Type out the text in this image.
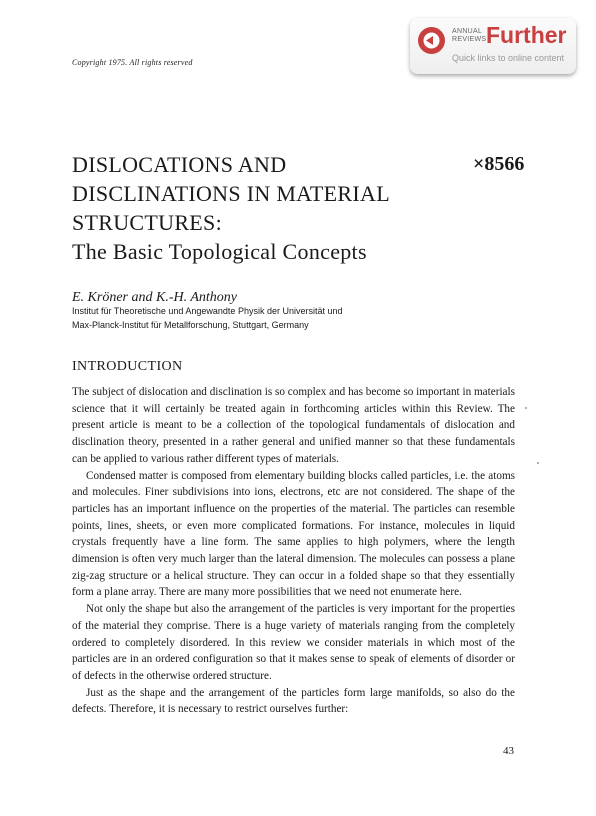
Copyright 1975. All rights reserved
ANNUAL
REVIEWS Further
Quick links to online content
DISLOCATIONS AND
DISCLINATIONS IN MATERIAL
STRUCTURES:
The Basic Topological Concepts
×8566
E. Kröner and K.-H. Anthony
Institut für Theoretische und Angewandte Physik der Universität und
Max-Planck-Institut für Metallforschung, Stuttgart, Germany
INTRODUCTION

The subject of dislocation and disclination is so complex and has become so important in materials science that it will certainly be treated again in forthcoming articles within this Review. The present article is meant to be a collection of the topological fundamentals of dislocation and disclination theory, presented in a rather general and unified manner so that these fundamentals can be applied to various rather different types of materials.

Condensed matter is composed from elementary building blocks called particles, i.e. the atoms and molecules. Finer subdivisions into ions, electrons, etc are not considered. The shape of the particles has an important influence on the properties of the material. The particles can resemble points, lines, sheets, or even more complicated formations. For instance, molecules in liquid crystals frequently have a line form. The same applies to high polymers, where the length dimension is often very much larger than the lateral dimension. The molecules can possess a plane zig-zag structure or a helical structure. They can occur in a folded shape so that they essentially form a plane array. There are many more possibilities that we need not enumerate here.

Not only the shape but also the arrangement of the particles is very important for the properties of the material they comprise. There is a huge variety of materials ranging from the completely ordered to completely disordered. In this review we consider materials in which most of the particles are in an ordered configuration so that it makes sense to speak of elements of disorder or of defects in the otherwise ordered structure.

Just as the shape and the arrangement of the particles form large manifolds, so also do the defects. Therefore, it is necessary to restrict ourselves further:

43
